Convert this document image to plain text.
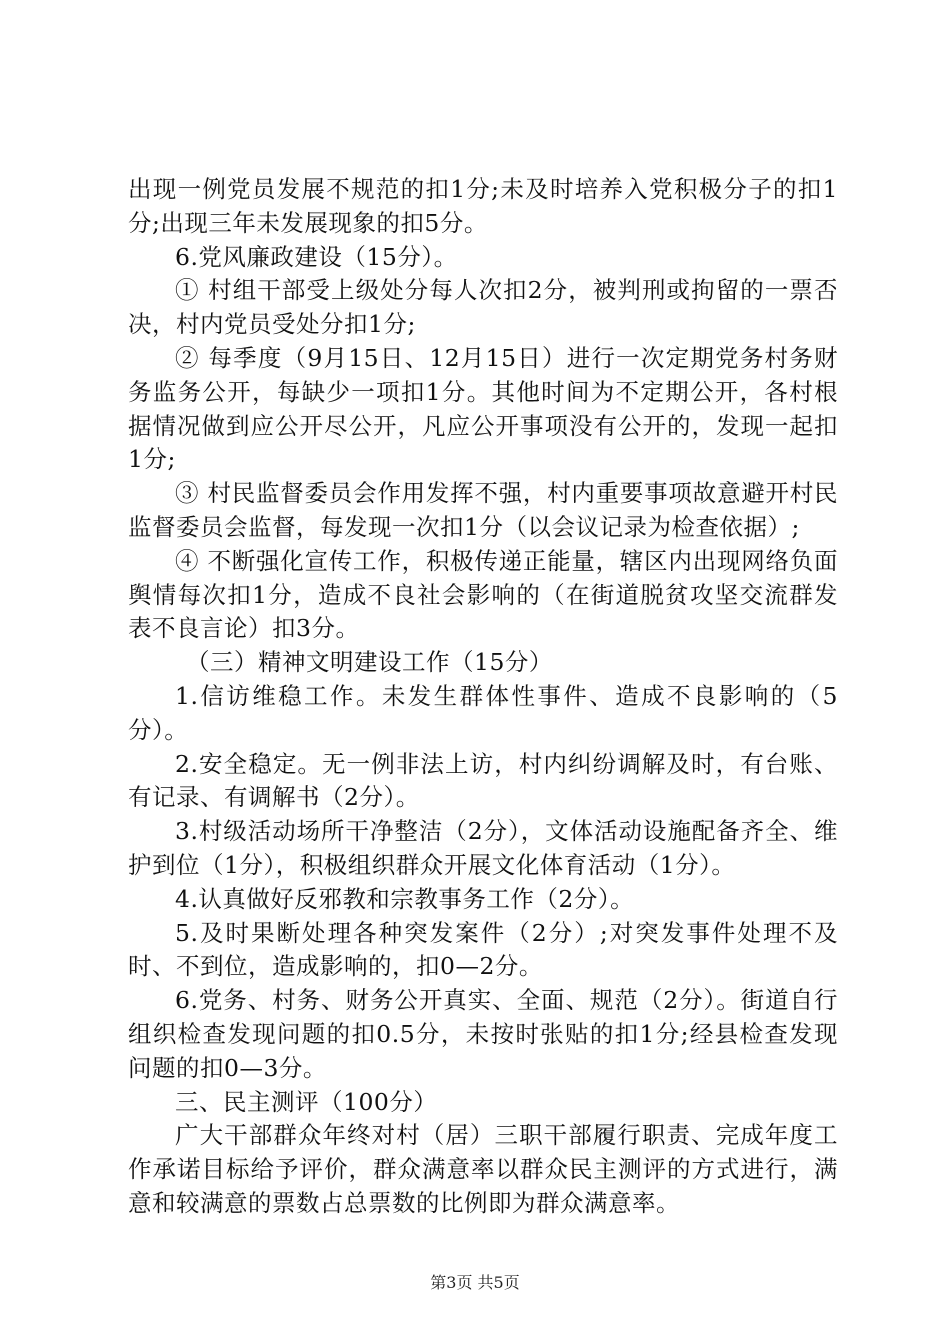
出现一例党员发展不规范的扣1分;未及时培养入党积极分子的扣1分;出现三年未发展现象的扣5分。

6.党风廉政建设（15分）。

① 村组干部受上级处分每人次扣2分，被判刑或拘留的一票否决，村内党员受处分扣1分;

② 每季度（9月15日、12月15日）进行一次定期党务村务财务监务公开，每缺少一项扣1分。其他时间为不定期公开，各村根据情况做到应公开尽公开，凡应公开事项没有公开的，发现一起扣1分;

③ 村民监督委员会作用发挥不强，村内重要事项故意避开村民监督委员会监督，每发现一次扣1分（以会议记录为检查依据）;

④ 不断强化宣传工作，积极传递正能量，辖区内出现网络负面舆情每次扣1分，造成不良社会影响的（在街道脱贫攻坚交流群发表不良言论）扣3分。

（三）精神文明建设工作（15分）

1.信访维稳工作。未发生群体性事件、造成不良影响的（5分）。

2.安全稳定。无一例非法上访，村内纠纷调解及时，有台账、有记录、有调解书（2分）。

3.村级活动场所干净整洁（2分），文体活动设施配备齐全、维护到位（1分），积极组织群众开展文化体育活动（1分）。

4.认真做好反邪教和宗教事务工作（2分）。

5.及时果断处理各种突发案件（2分）;对突发事件处理不及时、不到位，造成影响的，扣0—2分。

6.党务、村务、财务公开真实、全面、规范（2分）。街道自行组织检查发现问题的扣0.5分，未按时张贴的扣1分;经县检查发现问题的扣0—3分。

三、民主测评（100分）

广大干部群众年终对村（居）三职干部履行职责、完成年度工作承诺目标给予评价，群众满意率以群众民主测评的方式进行，满意和较满意的票数占总票数的比例即为群众满意率。

第3页 共5页
